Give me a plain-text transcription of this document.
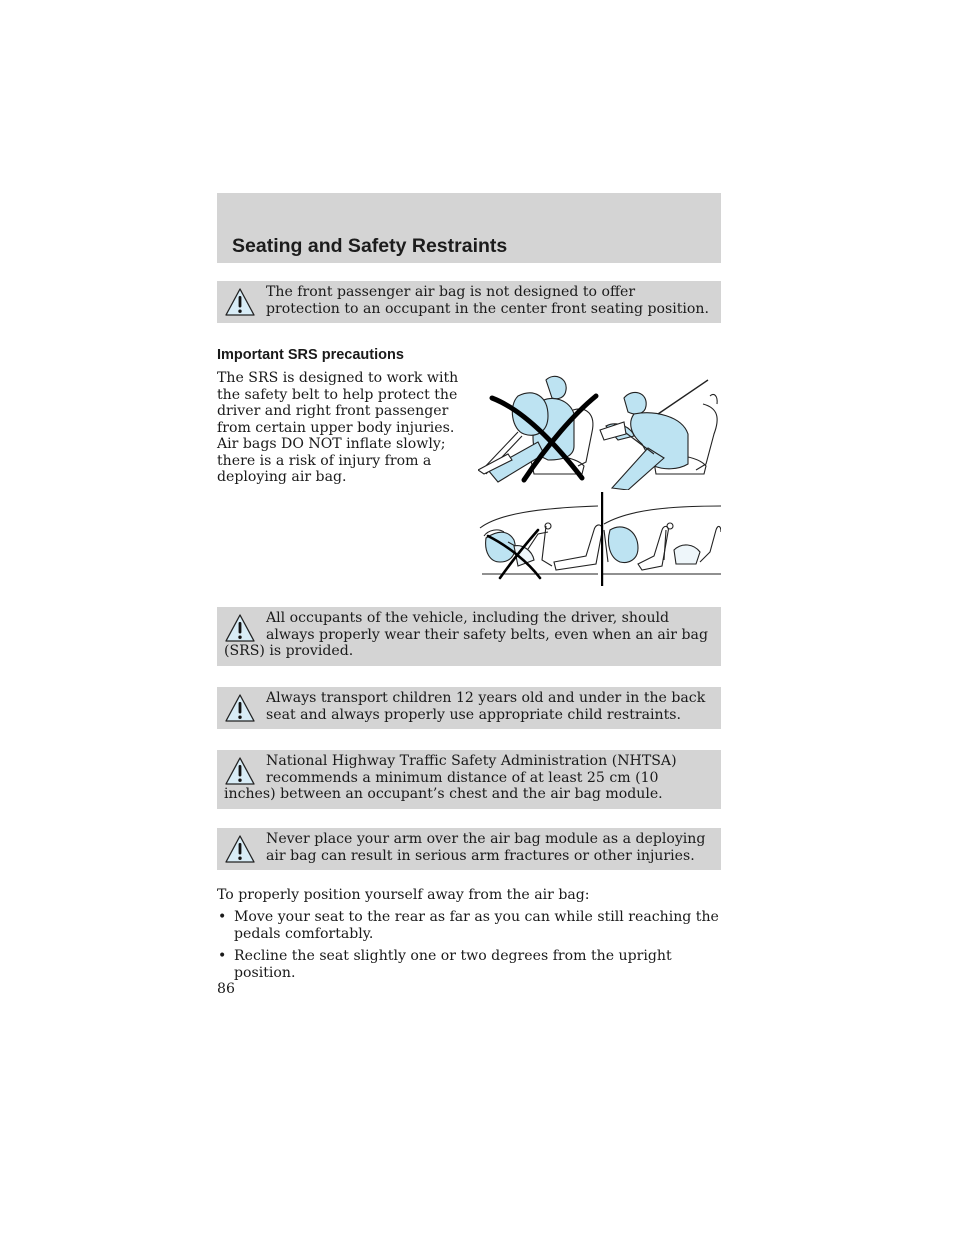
Seating and Safety Restraints
The front passenger air bag is not designed to offer protection to an occupant in the center front seating position.
Important SRS precautions

The SRS is designed to work with the safety belt to help protect the driver and right front passenger from certain upper body injuries. Air bags DO NOT inflate slowly; there is a risk of injury from a deploying air bag.

All occupants of the vehicle, including the driver, should always properly wear their safety belts, even when an air bag (SRS) is provided.
Always transport children 12 years old and under in the back seat and always properly use appropriate child restraints.
National Highway Traffic Safety Administration (NHTSA) recommends a minimum distance of at least 25 cm (10 inches) between an occupant’s chest and the air bag module.
Never place your arm over the air bag module as a deploying air bag can result in serious arm fractures or other injuries.

To properly position yourself away from the air bag:

• Move your seat to the rear as far as you can while still reaching the pedals comfortably.
• Recline the seat slightly one or two degrees from the upright position.

86
